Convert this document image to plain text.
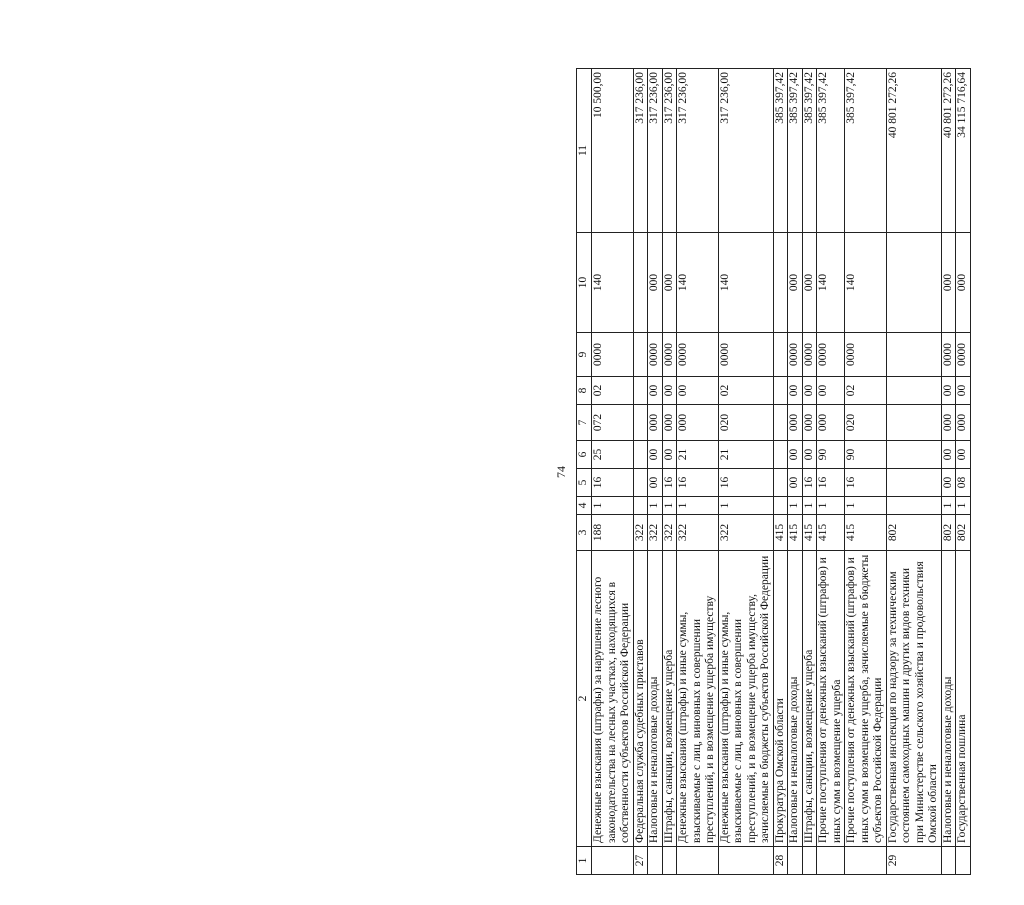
74
1	2	3	4	5	6	7	8	9	10	11
	Денежные взыскания (штрафы) за нарушение лесного законодательства на лесных участках, находящихся в собственности субъектов Российской Федерации	188	1	16	25	072	02	0000	140	10 500,00
27	Федеральная служба судебных приставов	322								317 236,00
	Налоговые и неналоговые доходы	322	1	00	00	000	00	0000	000	317 236,00
	Штрафы, санкции, возмещение ущерба	322	1	16	00	000	00	0000	000	317 236,00
	Денежные взыскания (штрафы) и иные суммы, взыскиваемые с лиц, виновных в совершении преступлений, и в возмещение ущерба имуществу	322	1	16	21	000	00	0000	140	317 236,00
	Денежные взыскания (штрафы) и иные суммы, взыскиваемые с лиц, виновных в совершении преступлений, и в возмещение ущерба имуществу, зачисляемые в бюджеты субъектов Российской Федерации	322	1	16	21	020	02	0000	140	317 236,00
28	Прокуратура Омской области	415								385 397,42
	Налоговые и неналоговые доходы	415	1	00	00	000	00	0000	000	385 397,42
	Штрафы, санкции, возмещение ущерба	415	1	16	00	000	00	0000	000	385 397,42
	Прочие поступления от денежных взысканий (штрафов) и иных сумм в возмещение ущерба	415	1	16	90	000	00	0000	140	385 397,42
	Прочие поступления от денежных взысканий (штрафов) и иных сумм в возмещение ущерба, зачисляемые в бюджеты субъектов Российской Федерации	415	1	16	90	020	02	0000	140	385 397,42
29	Государственная инспекция по надзору за техническим состоянием самоходных машин и других видов техники при Министерстве сельского хозяйства и продовольствия Омской области	802								40 801 272,26
	Налоговые и неналоговые доходы	802	1	00	00	000	00	0000	000	40 801 272,26
	Государственная пошлина	802	1	08	00	000	00	0000	000	34 115 716,64
